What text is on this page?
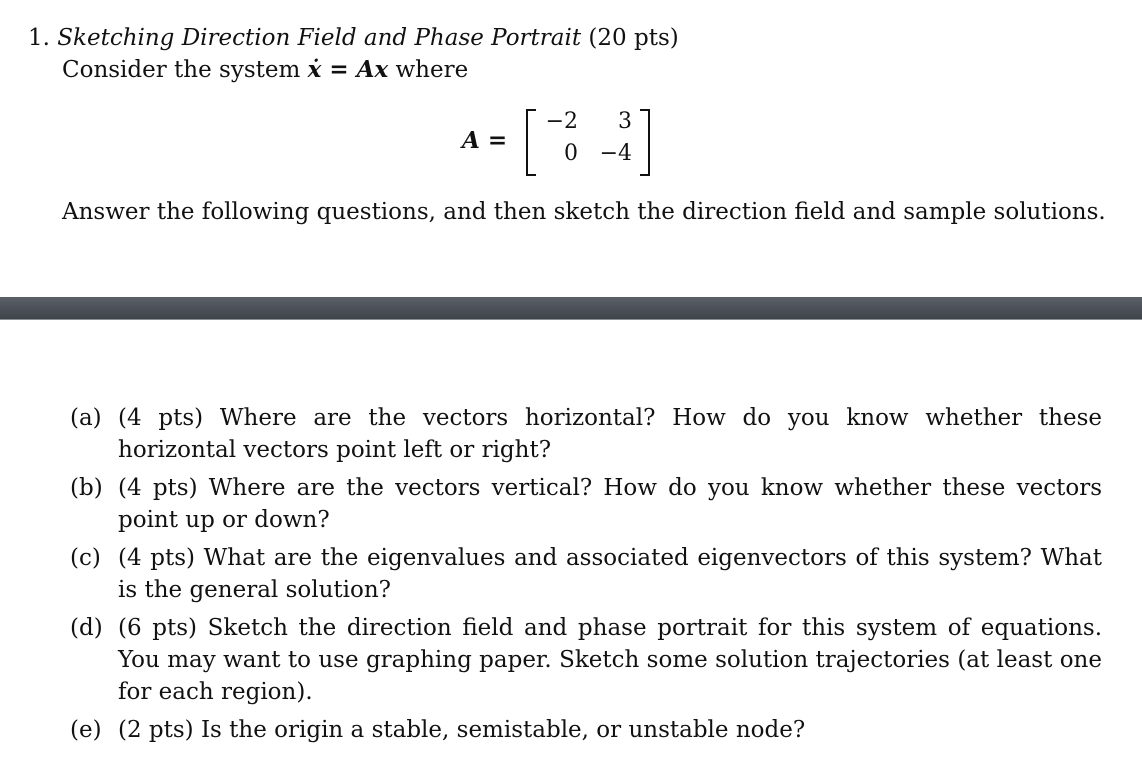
1. Sketching Direction Field and Phase Portrait (20 pts)
Consider the system ẋ = Ax where
A =
−2	3
0 −4
Answer the following questions, and then sketch the direction field and sample solutions.
(a) (4 pts) Where are the vectors horizontal? How do you know whether these horizontal vectors point left or right?
(b) (4 pts) Where are the vectors vertical? How do you know whether these vectors point up or down?
(c) (4 pts) What are the eigenvalues and associated eigenvectors of this system? What is the general solution?
(d) (6 pts) Sketch the direction field and phase portrait for this system of equations. You may want to use graphing paper. Sketch some solution trajectories (at least one for each region).
(e) (2 pts) Is the origin a stable, semistable, or unstable node?
